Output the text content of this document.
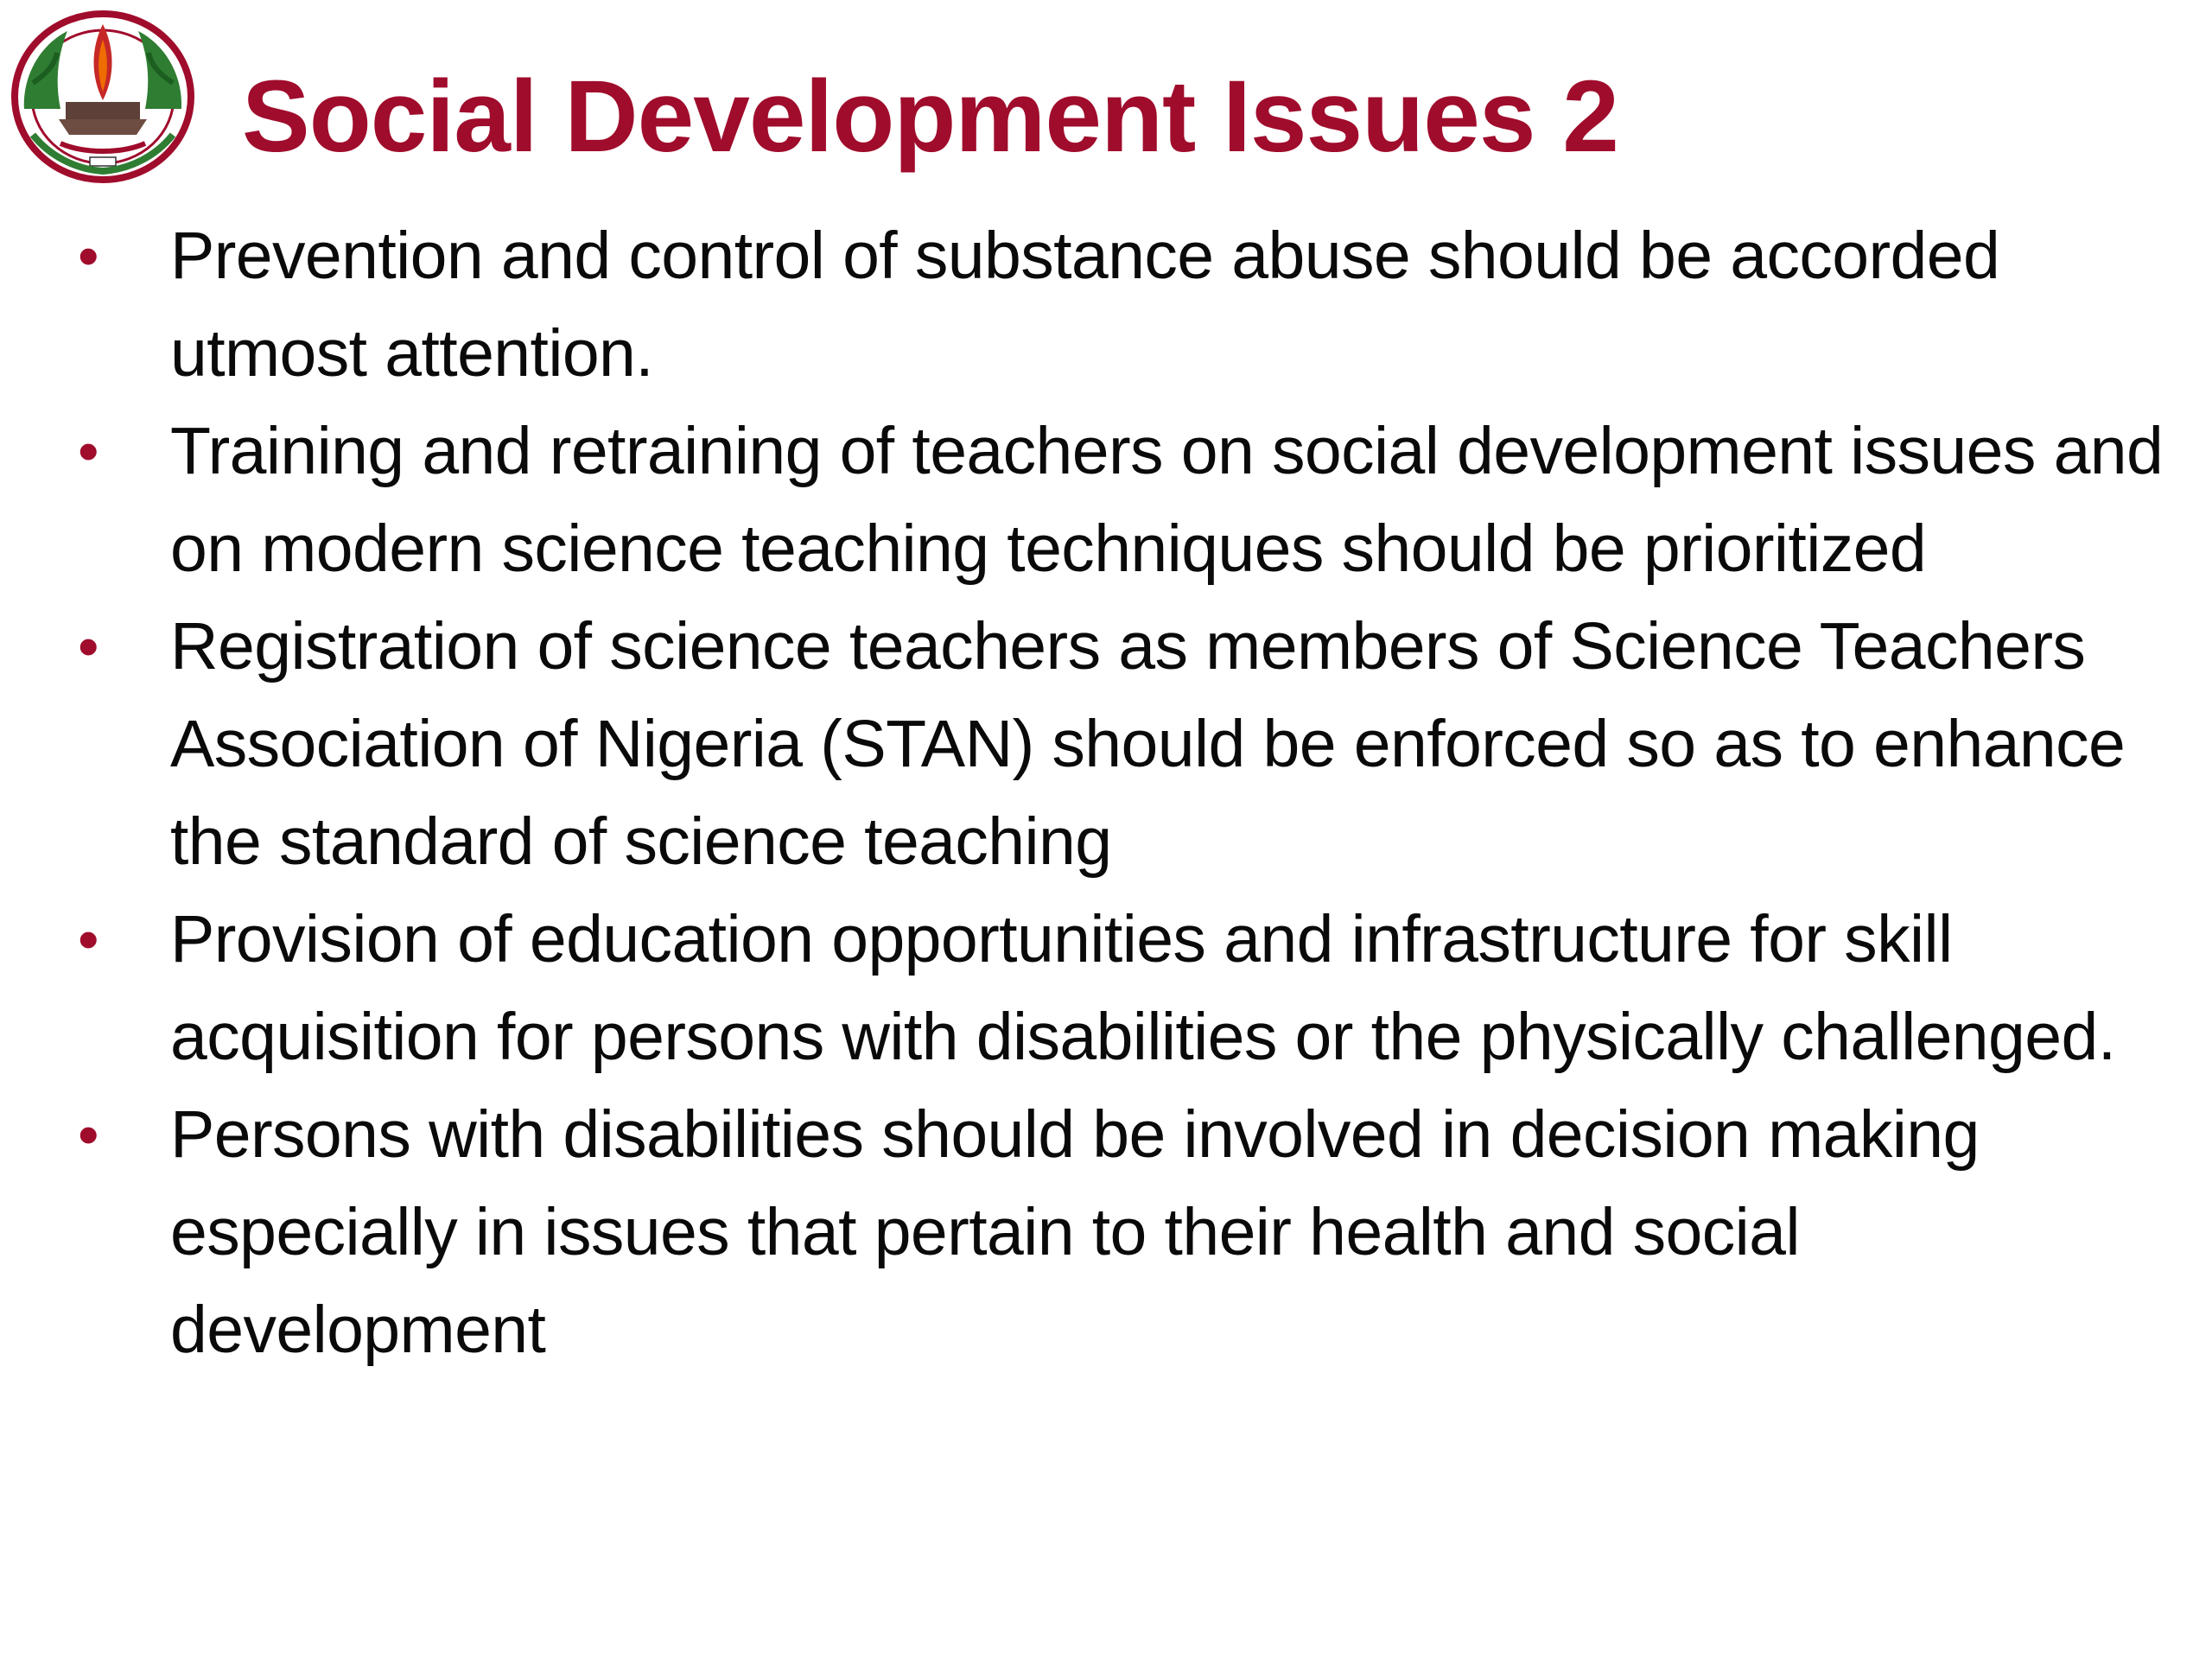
Social Development Issues 2
• Prevention and control of substance abuse should be accorded utmost attention.
• Training and retraining of teachers on social development issues and on modern science teaching techniques should be prioritized
• Registration of science teachers as members of Science Teachers Association of Nigeria (STAN) should be enforced so as to enhance the standard of science teaching
• Provision of education opportunities and infrastructure for skill acquisition for persons with disabilities or the physically challenged.
• Persons with disabilities should be involved in decision making especially in issues that pertain to their health and social development
